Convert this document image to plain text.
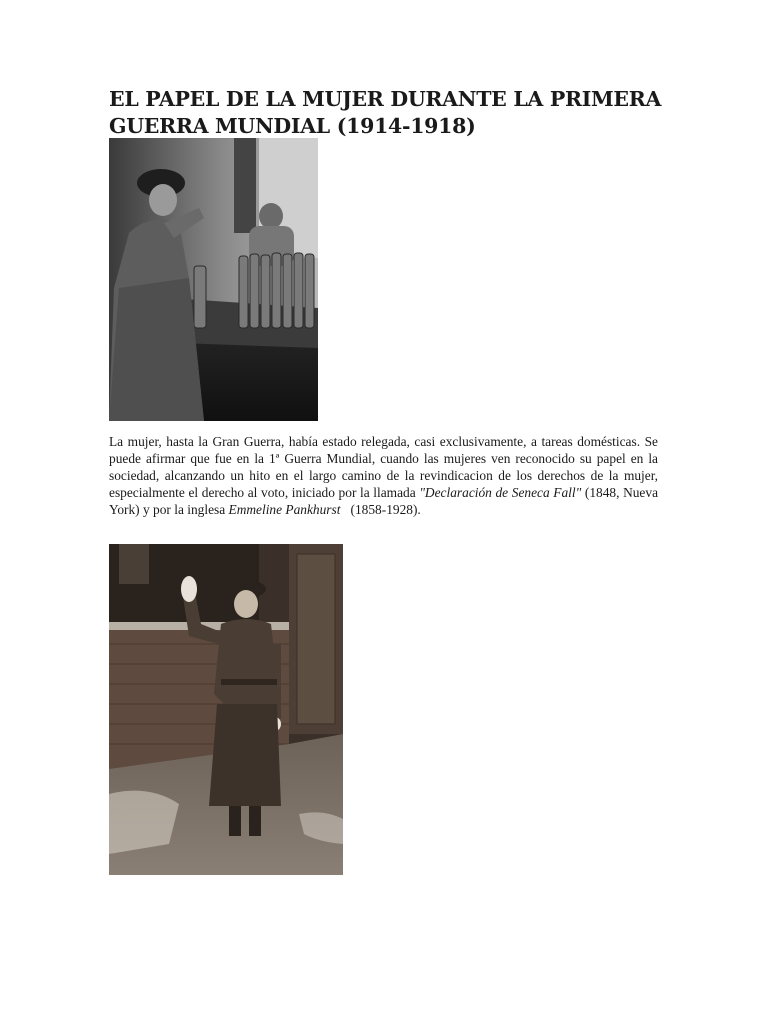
EL PAPEL DE LA MUJER DURANTE LA PRIMERA GUERRA MUNDIAL (1914-1918)

La mujer, hasta la Gran Guerra, había estado relegada, casi exclusivamente, a tareas domésticas. Se puede afirmar que fue en la 1ª Guerra Mundial, cuando las mujeres ven reconocido su papel en la sociedad, alcanzando un hito en el largo camino de la revindicacion de los derechos de la mujer, especialmente el derecho al voto, iniciado por la llamada "Declaración de Seneca Fall" (1848, Nueva York) y por la inglesa Emmeline Pankhurst   (1858-1928).
